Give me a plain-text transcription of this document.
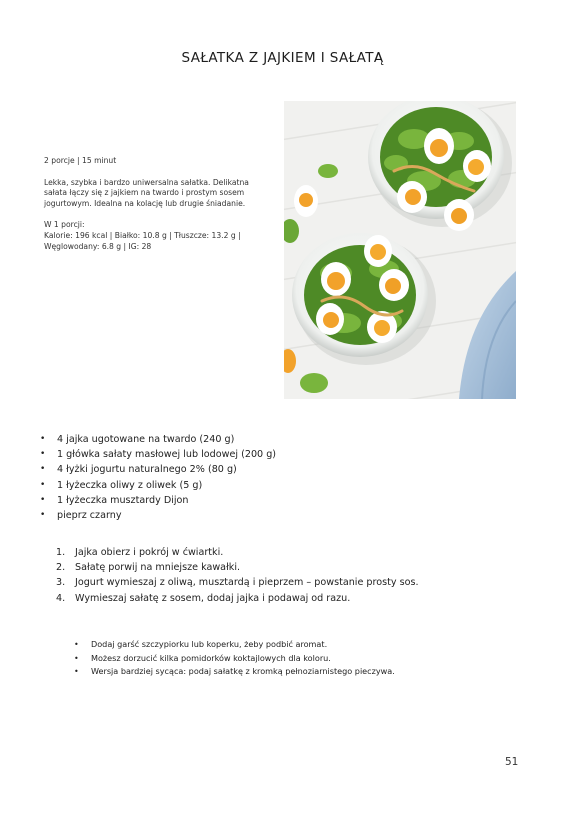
SAŁATKA Z JAJKIEM I SAŁATĄ

2 porcje | 15 minut

Lekka, szybka i bardzo uniwersalna sałatka. Delikatna sałata łączy się z jajkiem na twardo i prostym sosem jogurtowym. Idealna na kolację lub drugie śniadanie.

W 1 porcji:

Kalorie: 196 kcal | Białko: 10.8 g | Tłuszcze: 13.2 g | Węglowodany: 6.8 g | IG: 28

• 4 jajka ugotowane na twardo (240 g)
• 1 główka sałaty masłowej lub lodowej (200 g)
• 4 łyżki jogurtu naturalnego 2% (80 g)
• 1 łyżeczka oliwy z oliwek (5 g)
• 1 łyżeczka musztardy Dijon
• pieprz czarny
1. Jajka obierz i pokrój w ćwiartki.
2. Sałatę porwij na mniejsze kawałki.
3. Jogurt wymieszaj z oliwą, musztardą i pieprzem – powstanie prosty sos.
4. Wymieszaj sałatę z sosem, dodaj jajka i podawaj od razu.
• Dodaj garść szczypiorku lub koperku, żeby podbić aromat.
• Możesz dorzucić kilka pomidorków koktajlowych dla koloru.
• Wersja bardziej sycąca: podaj sałatkę z kromką pełnoziarnistego pieczywa.
51
